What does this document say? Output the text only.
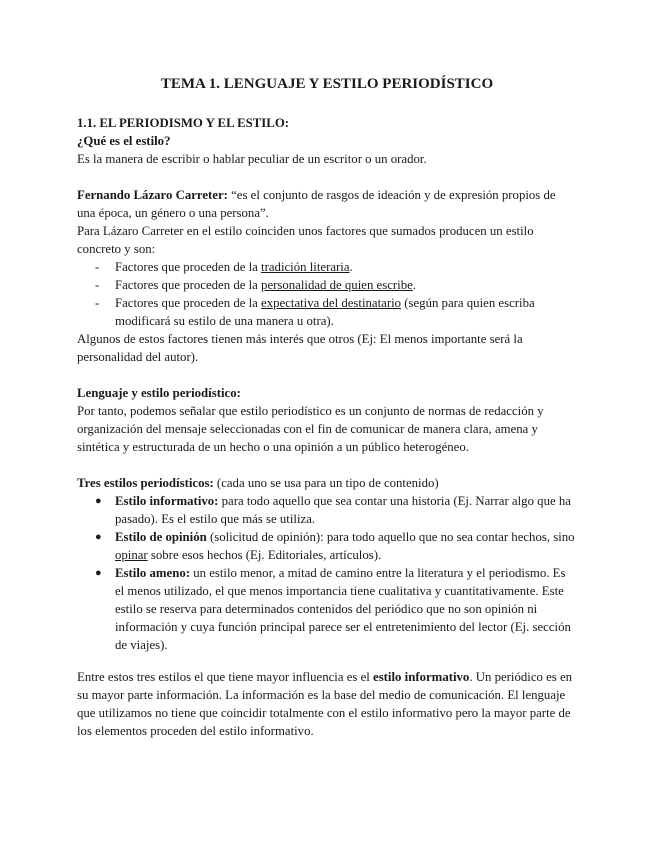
TEMA 1. LENGUAJE Y ESTILO PERIODÍSTICO

1.1. EL PERIODISMO Y EL ESTILO:

¿Qué es el estilo?

Es la manera de escribir o hablar peculiar de un escritor o un orador.

Fernando Lázaro Carreter: “es el conjunto de rasgos de ideación y de expresión propios de

una época, un género o una persona”.

Para Lázaro Carreter en el estilo coinciden unos factores que sumados producen un estilo

concreto y son:

- Factores que proceden de la tradición literaria.
- Factores que proceden de la personalidad de quien escribe.
- Factores que proceden de la expectativa del destinatario (según para quien escriba

modificará su estilo de una manera u otra).

Algunos de estos factores tienen más interés que otros (Ej: El menos importante será la

personalidad del autor).

Lenguaje y estilo periodístico:

Por tanto, podemos señalar que estilo periodístico es un conjunto de normas de redacción y

organización del mensaje seleccionadas con el fin de comunicar de manera clara, amena y

sintética y estructurada de un hecho o una opinión a un público heterogéneo.

Tres estilos periodísticos: (cada uno se usa para un tipo de contenido)

● Estilo informativo: para todo aquello que sea contar una historia (Ej. Narrar algo que ha

pasado). Es el estilo que más se utiliza.

● Estilo de opinión (solicitud de opinión): para todo aquello que no sea contar hechos, sino

opinar sobre esos hechos (Ej. Editoriales, artículos).

● Estilo ameno: un estilo menor, a mitad de camino entre la literatura y el periodismo. Es

el menos utilizado, el que menos importancia tiene cualitativa y cuantitativamente. Este

estilo se reserva para determinados contenidos del periódico que no son opinión ni

información y cuya función principal parece ser el entretenimiento del lector (Ej. sección

de viajes).

Entre estos tres estilos el que tiene mayor influencia es el estilo informativo. Un periódico es en

su mayor parte información. La información es la base del medio de comunicación. El lenguaje

que utilizamos no tiene que coincidir totalmente con el estilo informativo pero la mayor parte de

los elementos proceden del estilo informativo.
